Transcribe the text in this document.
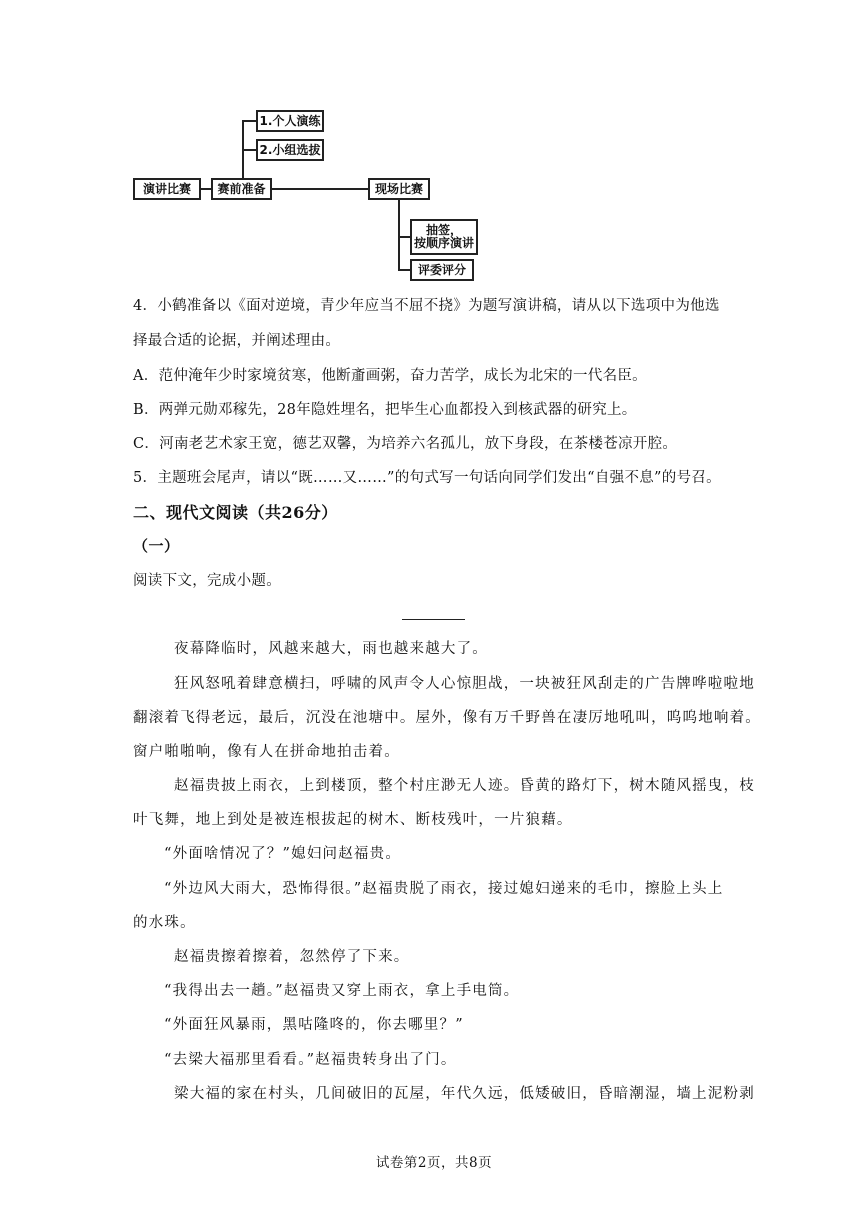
演讲比赛	赛前准备
1.个人演练
2.小组选拔
现场比赛
抽签，
按顺序演讲
评委评分
4．小鹤准备以《面对逆境，青少年应当不屈不挠》为题写演讲稿，请从以下选项中为他选
择最合适的论据，并阐述理由。
A．范仲淹年少时家境贫寒，他断齑画粥，奋力苦学，成长为北宋的一代名臣。
B．两弹元勋邓稼先，28年隐姓埋名，把毕生心血都投入到核武器的研究上。
C．河南老艺术家王宽，德艺双馨，为培养六名孤儿，放下身段，在茶楼苍凉开腔。
5．主题班会尾声，请以“既……又……”的句式写一句话向同学们发出“自强不息”的号召。
二、现代文阅读（共26分）
（一）
阅读下文，完成小题。
夜幕降临时，风越来越大，雨也越来越大了。
狂风怒吼着肆意横扫，呼啸的风声令人心惊胆战，一块被狂风刮走的广告牌哗啦啦地
翻滚着飞得老远，最后，沉没在池塘中。屋外，像有万千野兽在凄厉地吼叫，呜呜地响着。
窗户啪啪响，像有人在拼命地拍击着。
赵福贵披上雨衣，上到楼顶，整个村庄渺无人迹。昏黄的路灯下，树木随风摇曳，枝
叶飞舞，地上到处是被连根拔起的树木、断枝残叶，一片狼藉。
“外面啥情况了？”媳妇问赵福贵。
“外边风大雨大，恐怖得很。”赵福贵脱了雨衣，接过媳妇递来的毛巾，擦脸上头上
的水珠。
赵福贵擦着擦着，忽然停了下来。
“我得出去一趟。”赵福贵又穿上雨衣，拿上手电筒。
“外面狂风暴雨，黑咕隆咚的，你去哪里？”
“去梁大福那里看看。”赵福贵转身出了门。
梁大福的家在村头，几间破旧的瓦屋，年代久远，低矮破旧，昏暗潮湿，墙上泥粉剥
试卷第2页，共8页
